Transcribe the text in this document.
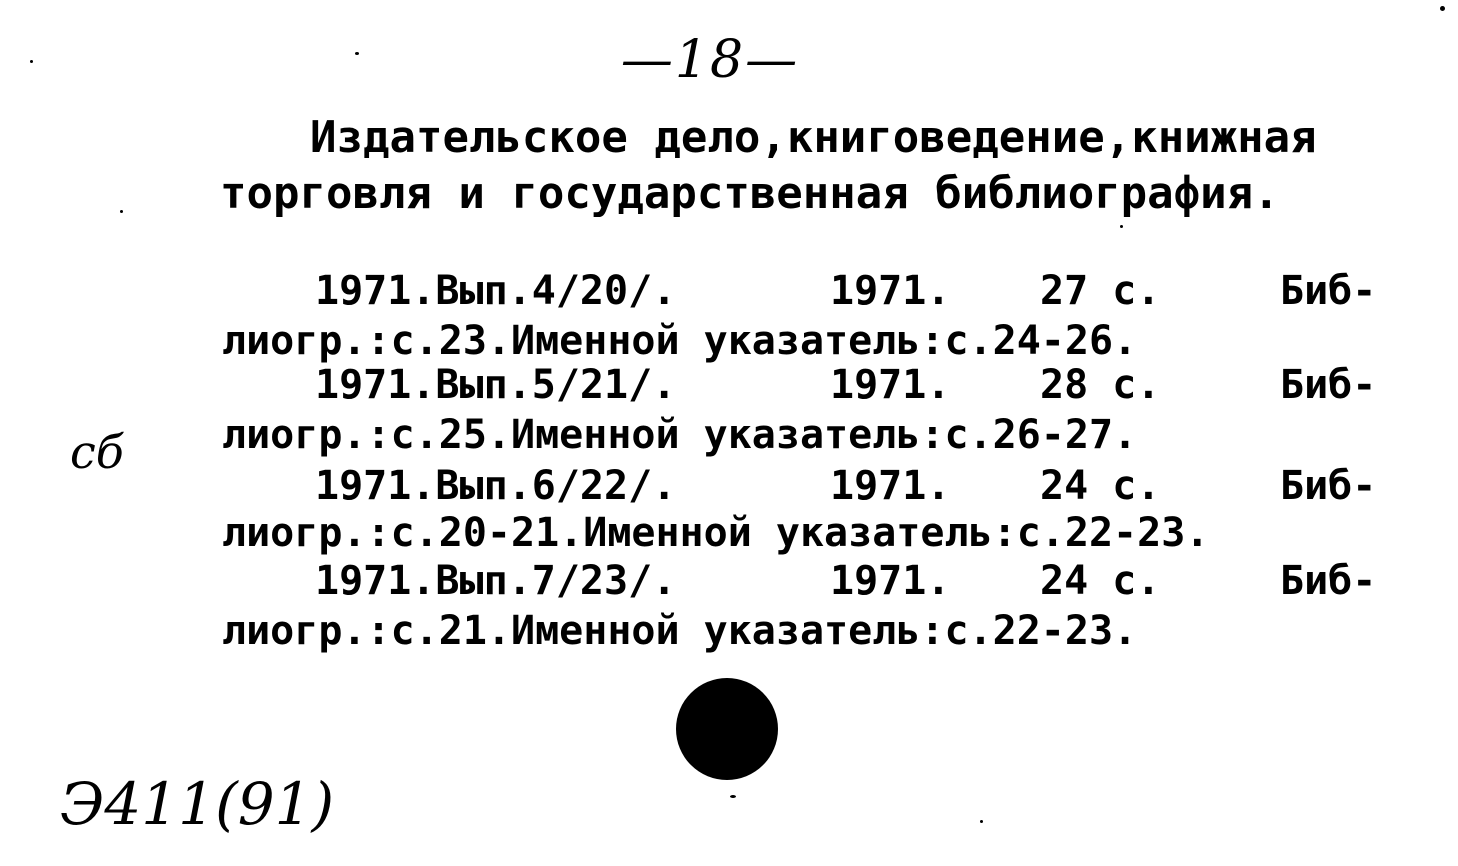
—18—
Издательское дело,книговедение,книжная
торговля и государственная библиография.
1971.Вып.4/20/.	1971. 27 с.	Биб-
лиогр.:с.23.Именной указатель:с.24-26.
1971.Вып.5/21/.	1971. 28 с.	Биб-
лиогр.:с.25.Именной указатель:с.26-27.
1971.Вып.6/22/.	1971. 24 с.	Биб-
лиогр.:с.20-21.Именной указатель:с.22-23.
1971.Вып.7/23/.	1971. 24 с.	Биб-
лиогр.:с.21.Именной указатель:с.22-23.
сб
Э411(91)
